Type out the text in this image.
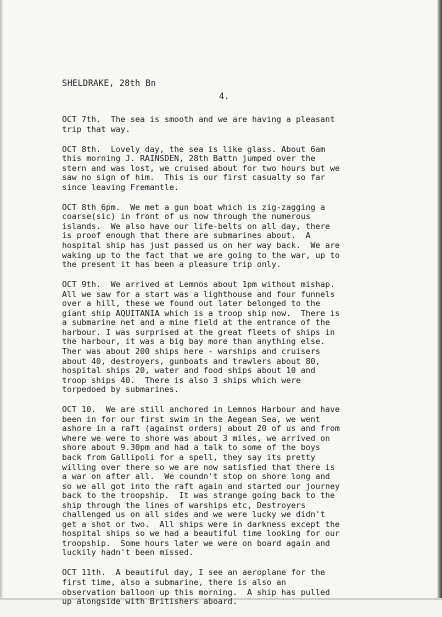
SHELDRAKE, 28th Bn
4.
OCT 7th.  The sea is smooth and we are having a pleasant
trip that way.
OCT 8th.  Lovely day, the sea is like glass. About 6am
this morning J. RAINSDEN, 28th Battn jumped over the
stern and was lost, we cruised about for two hours but we
saw no sign of him.  This is our first casualty so far
since leaving Fremantle.
OCT 8th 6pm.  We met a gun boat which is zig-zagging a
coarse(sic) in front of us now through the numerous
islands.  We also have our life-belts on all day, there
is proof enough that there are submarines about.  A
hospital ship has just passed us on her way back.  We are
waking up to the fact that we are going to the war, up to
the present it has been a pleasure trip only.
OCT 9th.  We arrived at Lemnos about 1pm without mishap.
All we saw for a start was a lighthouse and four funnels
over a hill, these we found out later belonged to the
giant ship AQUITANIA which is a troop ship now.  There is
a submarine net and a mine field at the entrance of the
harbour. I was surprised at the great fleets of ships in
the harbour, it was a big bay more than anything else.
Ther was about 200 ships here - warships and cruisers
about 40, destroyers, gunboats and trawlers about 80,
hospital ships 20, water and food ships about 10 and
troop ships 40.  There is also 3 ships which were
torpedoed by submarines.
OCT 10.  We are still anchored in Lemnos Harbour and have
been in for our first swim in the Aegean Sea, we went
ashore in a raft (against orders) about 20 of us and from
where we were to shore was about 3 miles, we arrived on
shore about 9.30pm and had a talk to some of the boys
back from Gallipoli for a spell, they say its pretty
willing over there so we are now satisfied that there is
a war on after all.  We coundn't stop on shore long and
so we all got into the raft again and started our journey
back to the troopship.  It was strange going back to the
ship through the lines of warships etc, Destroyers
challenged us on all sides and we were lucky we didn't
get a shot or two.  All ships were in darkness except the
hospital ships so we had a beautiful time looking for our
troopship.  Some hours later we were on board again and
luckily hadn't been missed.
OCT 11th.  A beautiful day, I see an aeroplane for the
first time, also a submarine, there is also an
observation balloon up this morning.  A ship has pulled
up alongside with Britishers aboard.
